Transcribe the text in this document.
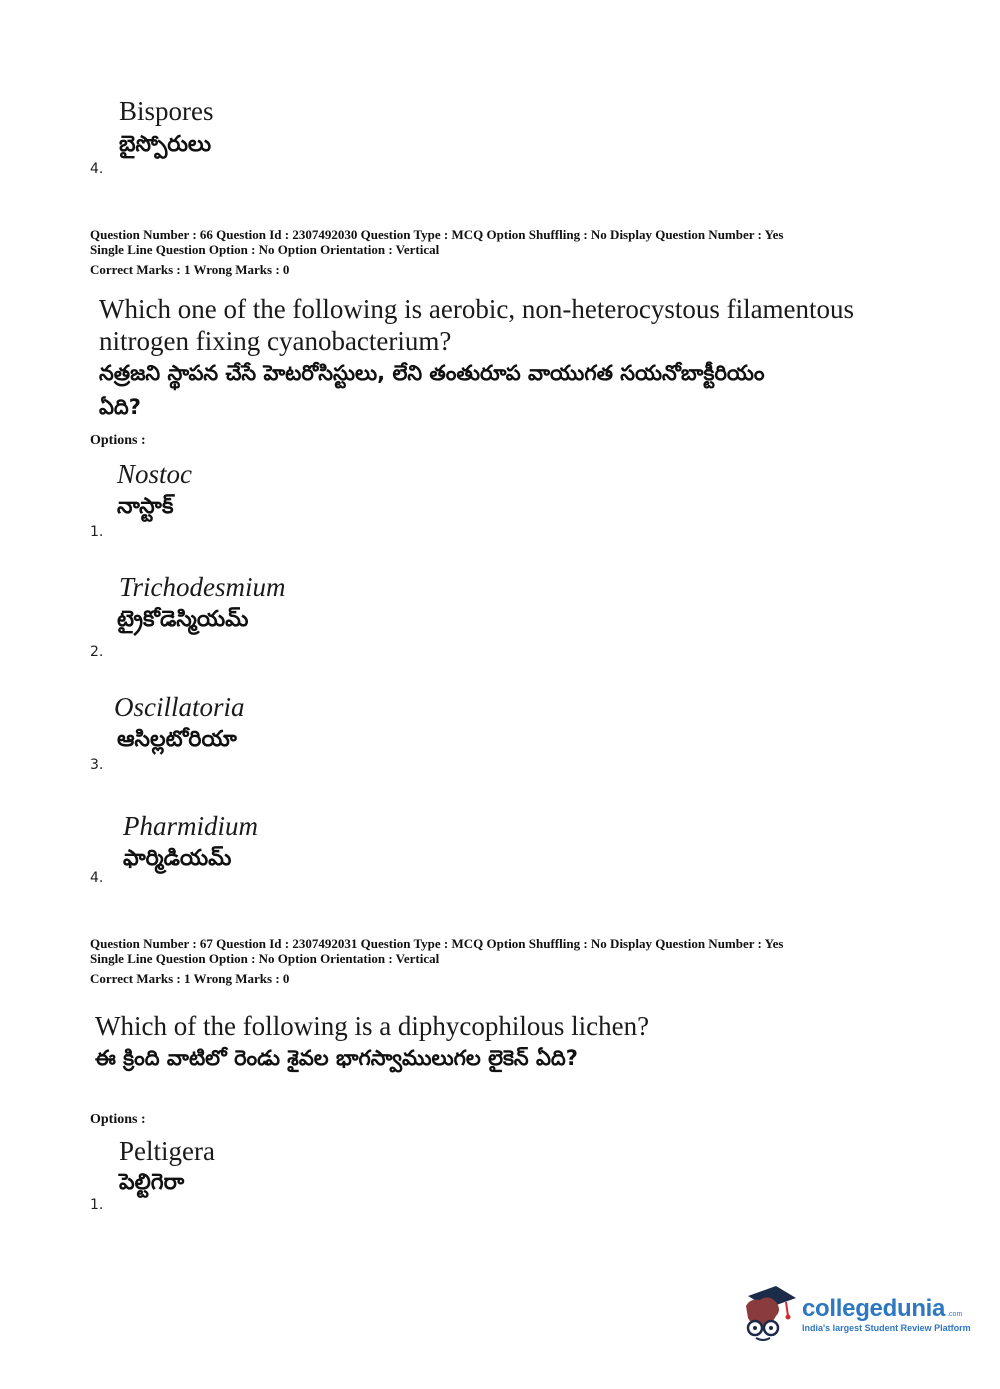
Bispores
బైస్పోరులు
4.
Question Number : 66 Question Id : 2307492030 Question Type : MCQ Option Shuffling : No Display Question Number : Yes
Single Line Question Option : No Option Orientation : Vertical
Correct Marks : 1 Wrong Marks : 0
Which one of the following is aerobic, non-heterocystous filamentous
nitrogen fixing cyanobacterium?
నత్రజని స్థాపన చేసే హెటరోసిస్టులు, లేని తంతురూప వాయుగత సయనోబాక్టీరియం
ఏది?
Options :
Nostoc
నాస్టాక్
1.
Trichodesmium
ట్రైకోడెస్మియమ్
2.
Oscillatoria
ఆసిల్లటోరియా
3.
Pharmidium
ఫార్మిడియమ్
4.
Question Number : 67 Question Id : 2307492031 Question Type : MCQ Option Shuffling : No Display Question Number : Yes
Single Line Question Option : No Option Orientation : Vertical
Correct Marks : 1 Wrong Marks : 0
Which of the following is a diphycophilous lichen?
ఈ క్రింది వాటిలో రెండు శైవల భాగస్వాములుగల లైకెన్ ఏది?
Options :
Peltigera
పెల్టిగెరా
1.
collegedunia .com
India's largest Student Review Platform
